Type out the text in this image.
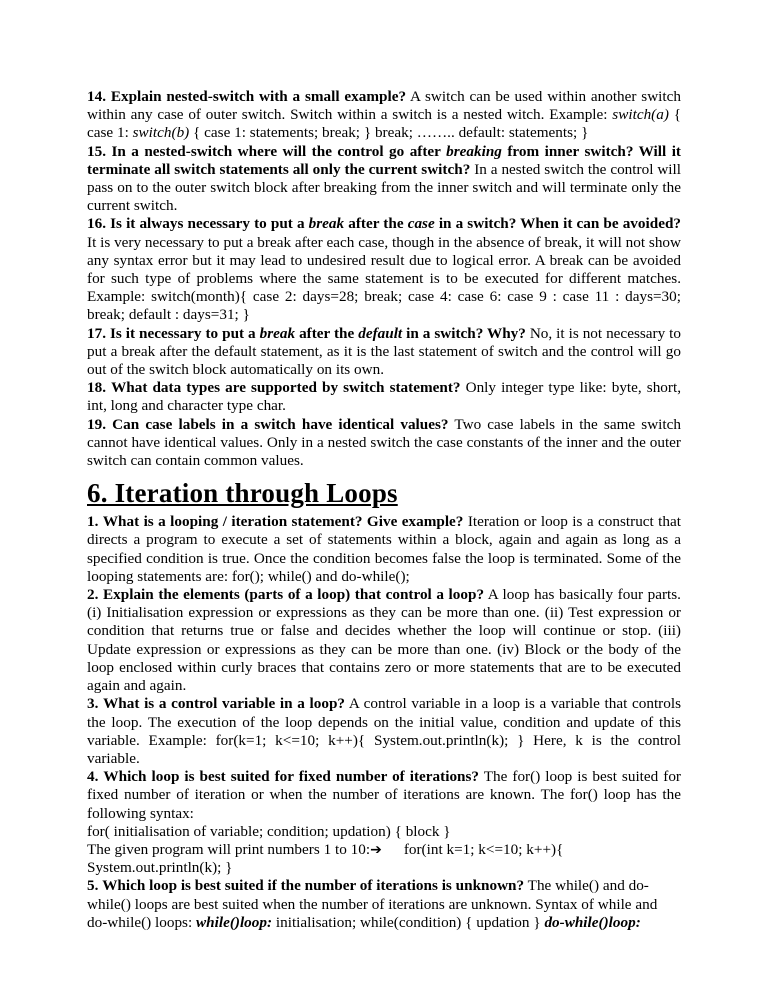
14. Explain nested-switch with a small example? A switch can be used within another switch within any case of outer switch. Switch within a switch is a nested witch. Example: switch(a) { case 1: switch(b) { case 1: statements; break; } break; …….. default: statements; }

15. In a nested-switch where will the control go after breaking from inner switch? Will it terminate all switch statements all only the current switch? In a nested switch the control will pass on to the outer switch block after breaking from the inner switch and will terminate only the current switch.

16. Is it always necessary to put a break after the case in a switch? When it can be avoided? It is very necessary to put a break after each case, though in the absence of break, it will not show any syntax error but it may lead to undesired result due to logical error. A break can be avoided for such type of problems where the same statement is to be executed for different matches. Example: switch(month){ case 2: days=28; break; case 4: case 6: case 9 : case 11 : days=30; break; default : days=31; }

17. Is it necessary to put a break after the default in a switch? Why? No, it is not necessary to put a break after the default statement, as it is the last statement of switch and the control will go out of the switch block automatically on its own.

18. What data types are supported by switch statement? Only integer type like: byte, short, int, long and character type char.

19. Can case labels in a switch have identical values? Two case labels in the same switch cannot have identical values. Only in a nested switch the case constants of the inner and the outer switch can contain common values.

6. Iteration through Loops

1. What is a looping / iteration statement? Give example? Iteration or loop is a construct that directs a program to execute a set of statements within a block, again and again as long as a specified condition is true. Once the condition becomes false the loop is terminated. Some of the looping statements are: for(); while() and do-while();

2. Explain the elements (parts of a loop) that control a loop? A loop has basically four parts. (i) Initialisation expression or expressions as they can be more than one. (ii) Test expression or condition that returns true or false and decides whether the loop will continue or stop. (iii) Update expression or expressions as they can be more than one. (iv) Block or the body of the loop enclosed within curly braces that contains zero or more statements that are to be executed again and again.

3. What is a control variable in a loop? A control variable in a loop is a variable that controls the loop. The execution of the loop depends on the initial value, condition and update of this variable. Example: for(k=1; k<=10; k++){ System.out.println(k); } Here, k is the control variable.

4. Which loop is best suited for fixed number of iterations? The for() loop is best suited for fixed number of iteration or when the number of iterations are known. The for() loop has the following syntax:

for( initialisation of variable; condition; updation) { block }

The given program will print numbers 1 to 10:➔ for(int k=1; k<=10; k++){

System.out.println(k); }

5. Which loop is best suited if the number of iterations is unknown? The while() and do-while() loops are best suited when the number of iterations are unknown. Syntax of while and do-while() loops: while()loop: initialisation; while(condition) { updation } do-while()loop:
